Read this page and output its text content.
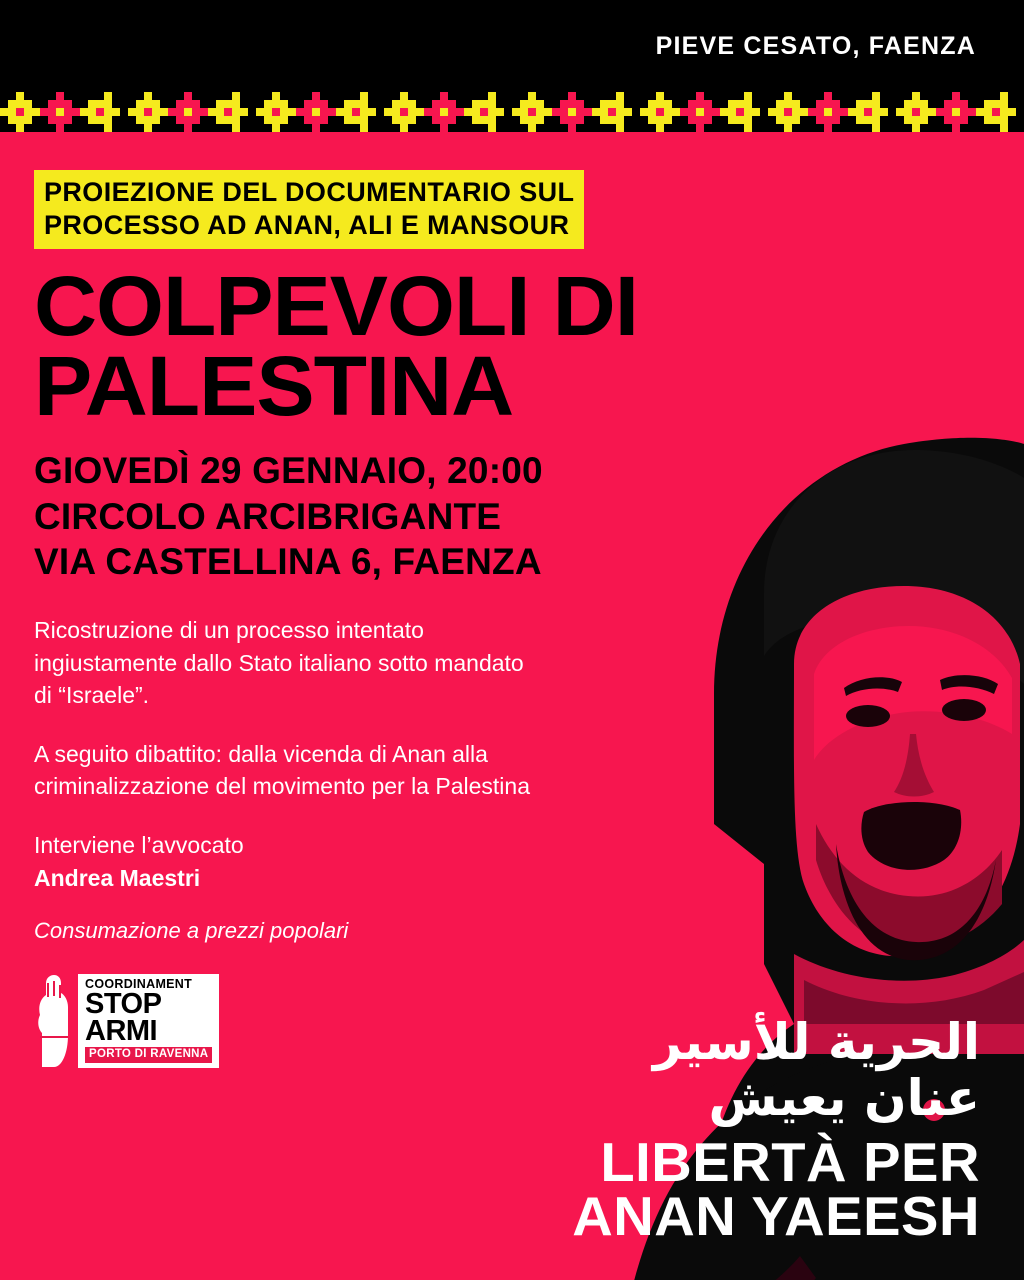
PIEVE CESATO, FAENZA
PROIEZIONE DEL DOCUMENTARIO SUL
PROCESSO AD ANAN, ALI E MANSOUR
COLPEVOLI DI
PALESTINA
GIOVEDÌ 29 GENNAIO, 20:00
CIRCOLO ARCIBRIGANTE
VIA CASTELLINA 6, FAENZA
Ricostruzione di un processo intentato ingiustamente dallo Stato italiano sotto mandato di “Israele”.
A seguito dibattito: dalla vicenda di Anan alla criminalizzazione del movimento per la Palestina
Interviene l’avvocato
Andrea Maestri
Consumazione a prezzi popolari
COORDINAMENT
STOP
ARMI
PORTO DI RAVENNA	الحرية للأسير
عنان يعيش
LIBERTÀ PER
ANAN YAEESH
